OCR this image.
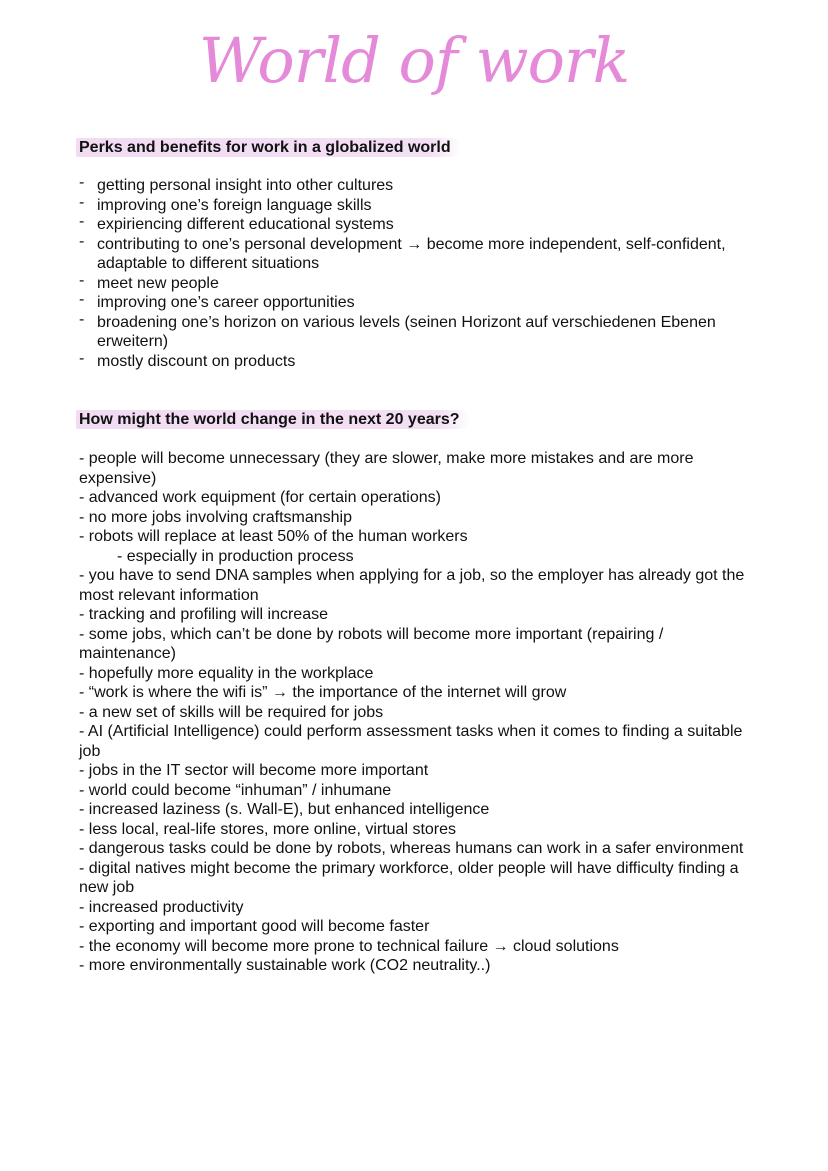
World of work
Perks and benefits for work in a globalized world
- getting personal insight into other cultures
- improving one’s foreign language skills
- expiriencing different educational systems
- contributing to one’s personal development → become more independent, self-confident, adaptable to different situations
- meet new people
- improving one’s career opportunities
- broadening one’s horizon on various levels (seinen Horizont auf verschiedenen Ebenen erweitern)
- mostly discount on products
How might the world change in the next 20 years?
- people will become unnecessary (they are slower, make more mistakes and are more expensive)
- advanced work equipment (for certain operations)
- no more jobs involving craftsmanship
- robots will replace at least 50% of the human workers
- especially in production process
- you have to send DNA samples when applying for a job, so the employer has already got the most relevant information
- tracking and profiling will increase
- some jobs, which can’t be done by robots will become more important (repairing / maintenance)
- hopefully more equality in the workplace
- “work is where the wifi is” → the importance of the internet will grow
- a new set of skills will be required for jobs
- AI (Artificial Intelligence) could perform assessment tasks when it comes to finding a suitable job
- jobs in the IT sector will become more important
- world could become “inhuman” / inhumane
- increased laziness (s. Wall-E), but enhanced intelligence
- less local, real-life stores, more online, virtual stores
- dangerous tasks could be done by robots, whereas humans can work in a safer environment
- digital natives might become the primary workforce, older people will have difficulty finding a new job
- increased productivity
- exporting and important good will become faster
- the economy will become more prone to technical failure → cloud solutions
- more environmentally sustainable work (CO2 neutrality..)
